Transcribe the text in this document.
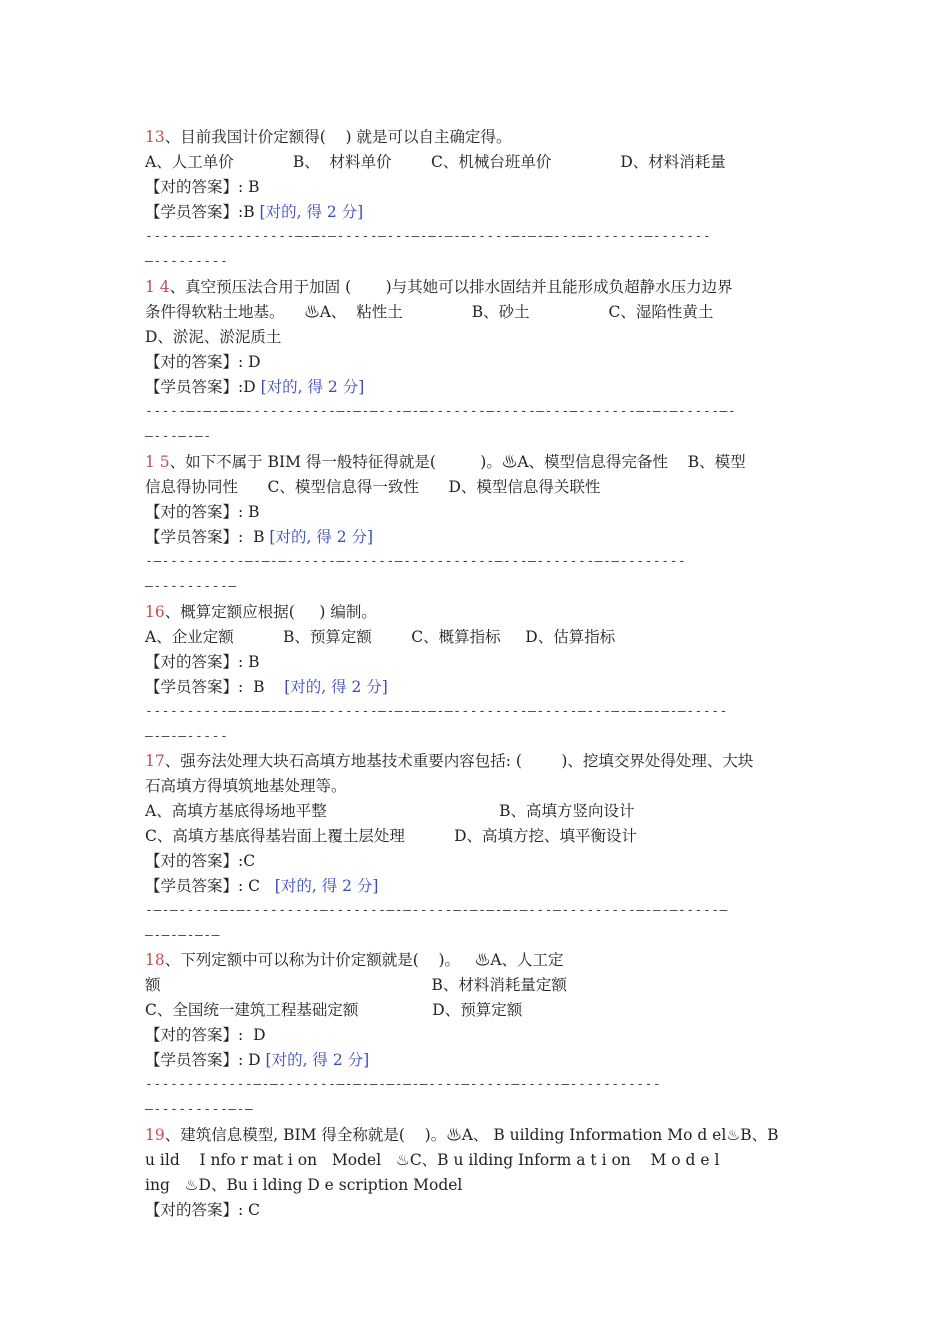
13、目前我国计价定额得(    ) 就是可以自主确定得。
A、人工单价            B、  材料单价        C、机械台班单价              D、材料消耗量
【对的答案】: B
【学员答案】:B [对的, 得 2 分]
-----—------------—-—-—-----—---—-—-—-—-----—-—-—---—-------—-------
—---------
1 4、真空预压法合用于加固 (       )与其她可以排水固结并且能形成负超静水压力边界
条件得软粘土地基。    ♨A、  粘性土              B、砂土                C、湿陷性黄土
D、淤泥、淤泥质土
【对的答案】: D
【学员答案】:D [对的, 得 2 分]
-----—-—-—-—-----------—-—-—---—-—-------—-----—---—-------—-—-—-----—-
—---—-—-
1 5、如下不属于 BIM 得一般特征得就是(         )。♨A、模型信息得完备性    B、模型
信息得协同性      C、模型信息得一致性      D、模型信息得关联性
【对的答案】: B
【学员答案】:  B [对的, 得 2 分]
-—----------—-—-—------—------—-----------—---—-------—-—--------
—---------—
16、概算定额应根据(     ) 编制。
A、企业定额          B、预算定额        C、概算指标     D、估算指标
【对的答案】: B
【学员答案】:  B    [对的, 得 2 分]
----------—-—-—-—-—-—-------—-—-—-—-—---------—-----—---—-—-—-—-—-----
—-—-—-----
17、强夯法处理大块石高填方地基技术重要内容包括: (        )、挖填交界处得处理、大块
石高填方得填筑地基处理等。
A、高填方基底得场地平整                                   B、高填方竖向设计
C、高填方基底得基岩面上覆土层处理          D、高填方挖、填平衡设计
【对的答案】:C
【学员答案】: C   [对的, 得 2 分]
-—-—-----—-—---------—-------—-—-----—-—-—-—-—---—---------—-—-—-----—
—-—-—-—-—
18、下列定额中可以称为计价定额就是(    )。   ♨A、人工定
额                                                       B、材料消耗量定额
C、全国统一建筑工程基础定额               D、预算定额
【对的答案】:  D
【学员答案】: D [对的, 得 2 分]
-------------—-—-------—-—-—-—-—-—----—-----—-----—-----------
—---------—-—
19、建筑信息模型, BIM 得全称就是(    )。♨A、 B uilding Information Mo d el♨B、B
u ild    I nfo r mat i on   Model   ♨C、B u ilding Inform a t i on    M o d e l
ing   ♨D、Bu i lding D e scription Model
【对的答案】: C
